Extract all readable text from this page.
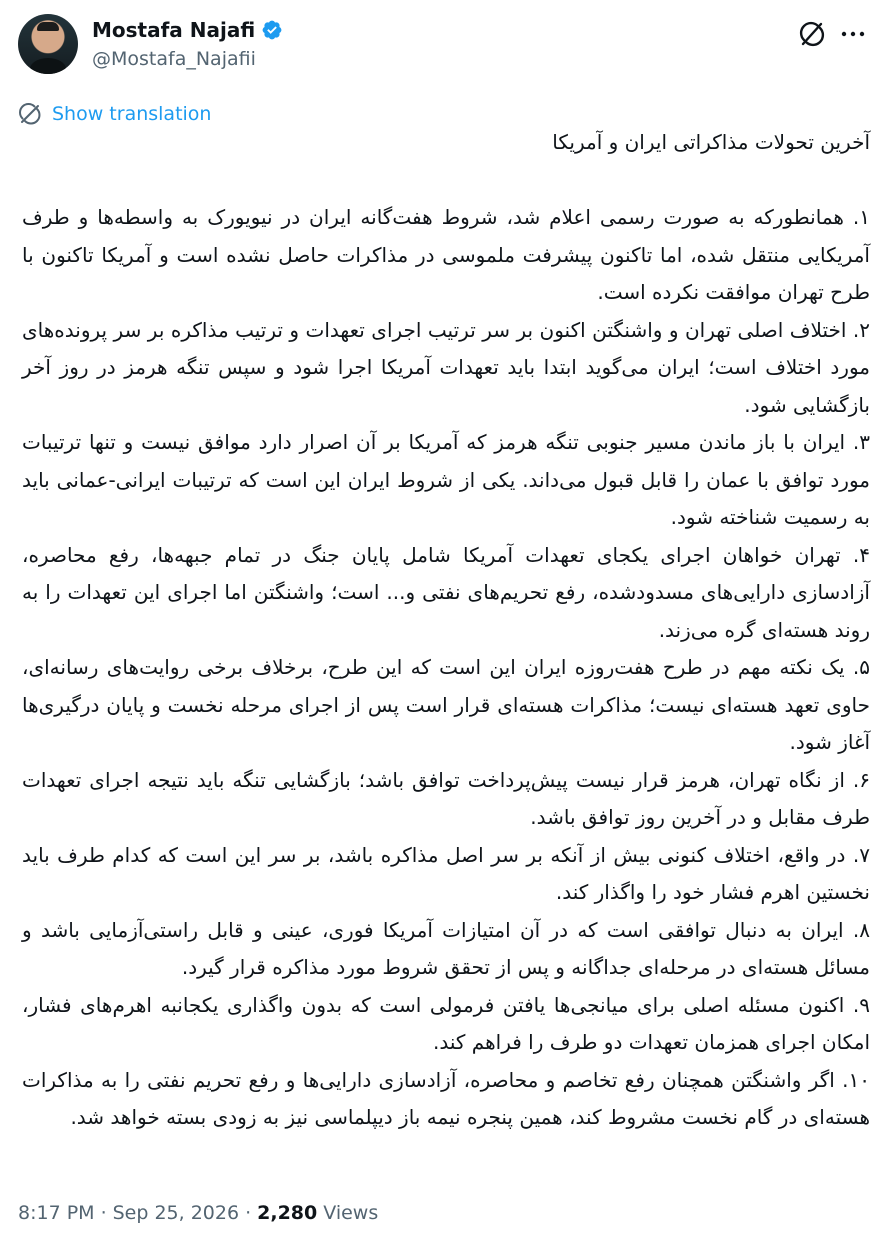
Mostafa Najafi
@Mostafa_Najafii
Show translation
آخرین تحولات مذاکراتی ایران و آمریکا
۱. همانطورکه به صورت رسمی اعلام شد، شروط هفت‌گانه ایران در نیویورک به واسطه‌ها و طرف آمریکایی منتقل شده، اما تاکنون پیشرفت ملموسی در مذاکرات حاصل نشده است و آمریکا تاکنون با طرح تهران موافقت نکرده است.
۲. اختلاف اصلی تهران و واشنگتن اکنون بر سر ترتیب اجرای تعهدات و ترتیب مذاکره بر سر پرونده‌های مورد اختلاف است؛ ایران می‌گوید ابتدا باید تعهدات آمریکا اجرا شود و سپس تنگه هرمز در روز آخر بازگشایی شود.
۳. ایران با باز ماندن مسیر جنوبی تنگه هرمز که آمریکا بر آن اصرار دارد موافق نیست و تنها ترتیبات مورد توافق با عمان را قابل قبول می‌داند. یکی از شروط ایران این است که ترتیبات ایرانی-عمانی باید به رسمیت شناخته شود.
۴. تهران خواهان اجرای یکجای تعهدات آمریکا شامل پایان جنگ در تمام جبهه‌ها، رفع محاصره، آزادسازی دارایی‌های مسدودشده، رفع تحریم‌های نفتی و... است؛ واشنگتن اما اجرای این تعهدات را به روند هسته‌ای گره می‌زند.
۵. یک نکته مهم در طرح هفت‌روزه ایران این است که این طرح، برخلاف برخی روایت‌های رسانه‌ای، حاوی تعهد هسته‌ای نیست؛ مذاکرات هسته‌ای قرار است پس از اجرای مرحله نخست و پایان درگیری‌ها آغاز شود.
۶. از نگاه تهران، هرمز قرار نیست پیش‌پرداخت توافق باشد؛ بازگشایی تنگه باید نتیجه اجرای تعهدات طرف مقابل و در آخرین روز توافق باشد.
۷. در واقع، اختلاف کنونی بیش از آنکه بر سر اصل مذاکره باشد، بر سر این است که کدام طرف باید نخستین اهرم فشار خود را واگذار کند.
۸. ایران به دنبال توافقی است که در آن امتیازات آمریکا فوری، عینی و قابل راستی‌آزمایی باشد و مسائل هسته‌ای در مرحله‌ای جداگانه و پس از تحقق شروط مورد مذاکره قرار گیرد.
۹. اکنون مسئله اصلی برای میانجی‌ها یافتن فرمولی است که بدون واگذاری یکجانبه اهرم‌های فشار، امکان اجرای همزمان تعهدات دو طرف را فراهم کند.
۱۰. اگر واشنگتن همچنان رفع تخاصم و محاصره، آزادسازی دارایی‌ها و رفع تحریم نفتی را به مذاکرات هسته‌ای در گام نخست مشروط کند، همین پنجره نیمه باز دیپلماسی نیز به زودی بسته خواهد شد.
8:17 PM · Sep 25, 2026 · 2,280 Views
